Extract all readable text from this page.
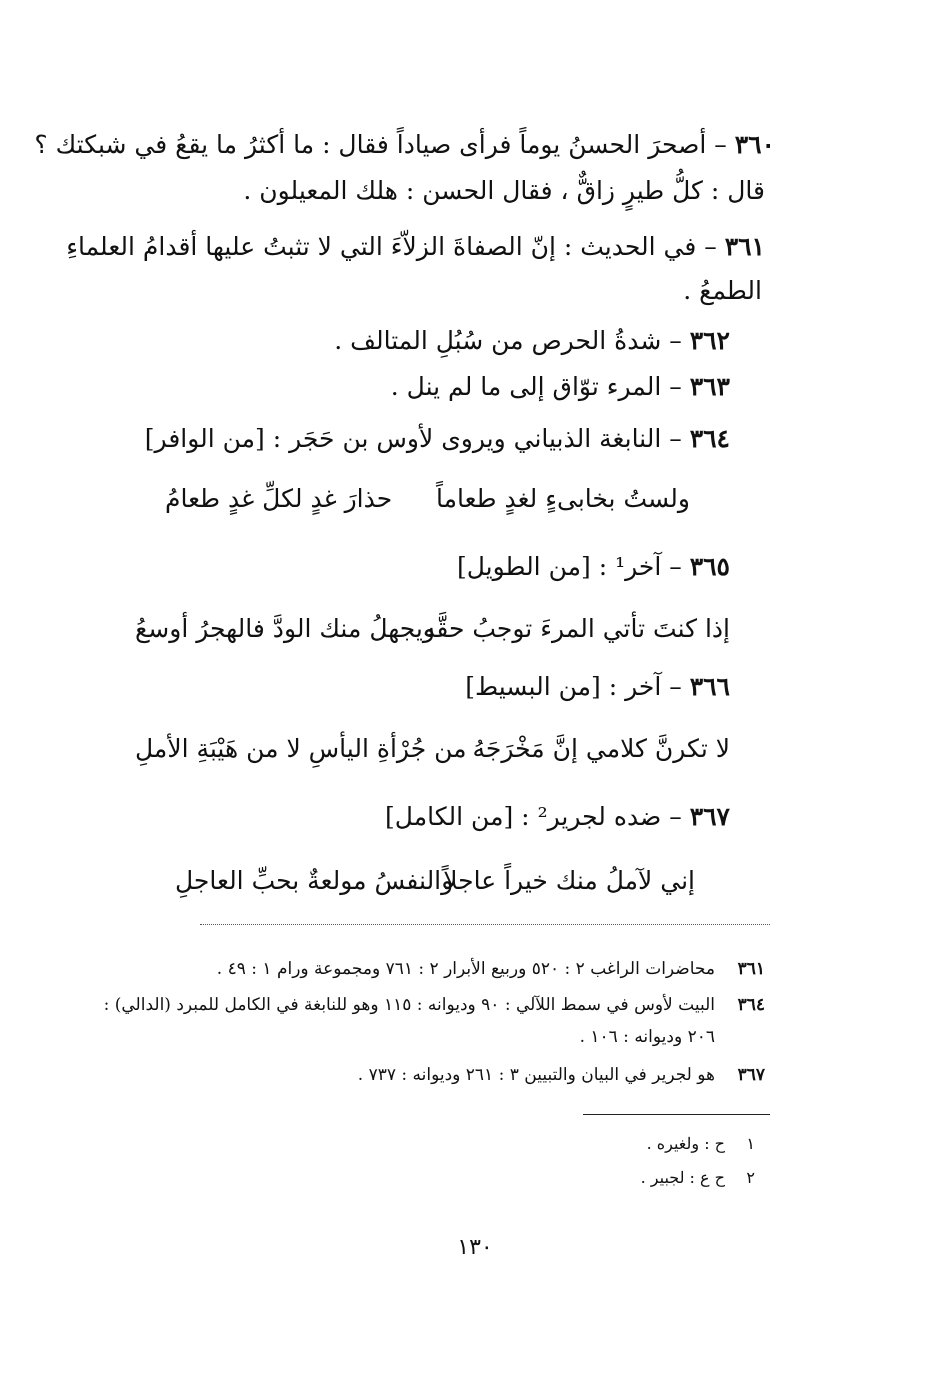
٣٦٠ – أصحرَ الحسنُ يوماً فرأى صياداً فقال : ما أكثرُ ما يقعُ في شبكتك ؟
قال : كلُّ طيرٍ زاقٌّ ، فقال الحسن : هلك المعيلون .
٣٦١ – في الحديث : إنّ الصفاةَ الزلاّءَ التي لا تثبتُ عليها أقدامُ العلماءِ
الطمعُ .
٣٦٢ – شدةُ الحرص من سُبُلِ المتالف .
٣٦٣ – المرء توّاق إلى ما لم ينل .
٣٦٤ – النابغة الذبياني ويروى لأوس بن حَجَر : [من الوافر]
ولستُ بخابىءٍ لغدٍ طعاماً
حذارَ غدٍ لكلِّ غدٍ طعامُ
٣٦٥ – آخر¹ : [من الطويل]
إذا كنتَ تأتي المرءَ توجبُ حقَّه
ويجهلُ منك الودَّ فالهجرُ أوسعُ
٣٦٦ – آخر : [من البسيط]
لا تكرنَّ كلامي إنَّ مَخْرَجَهُ
من جُرْأةِ اليأسِ لا من هَيْبَةِ الأملِ
٣٦٧ – ضده لجرير² : [من الكامل]
إني لآملُ منك خيراً عاجلاً
والنفسُ مولعةٌ بحبِّ العاجلِ
٣٦١محاضرات الراغب ٢ : ٥٢٠ وربيع الأبرار ٢ : ٧٦١ ومجموعة ورام ١ : ٤٩ .
٣٦٤البيت لأوس في سمط اللآلي : ٩٠ وديوانه : ١١٥ وهو للنابغة في الكامل للمبرد (الدالي) :
٢٠٦ وديوانه : ١٠٦ .
٣٦٧هو لجرير في البيان والتبيين ٣ : ٢٦١ وديوانه : ٧٣٧ .
١ح : ولغيره .
٢ح ع : لجبير .
١٣٠
